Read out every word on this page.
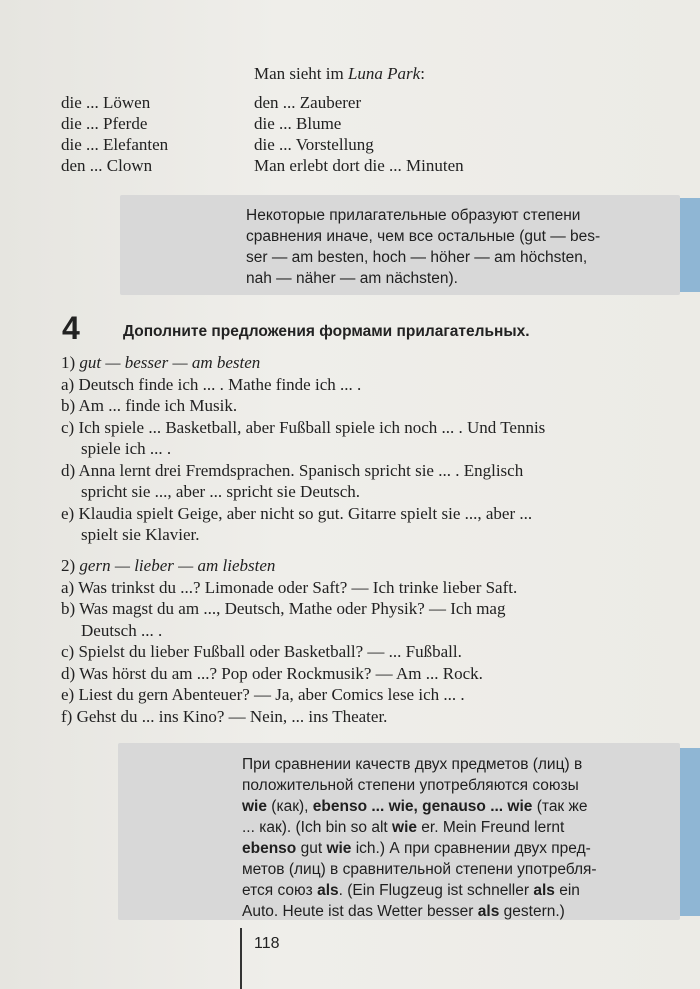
Man sieht im Luna Park:
die ... Löwen
die ... Pferde
die ... Elefanten
den ... Clown
den ... Zauberer
die ... Blume
die ... Vorstellung
Man erlebt dort die ... Minuten
Некоторые прилагательные образуют степени
сравнения иначе, чем все остальные (gut — bes-
ser — am besten, hoch — höher — am höchsten,
nah — näher — am nächsten).
4	Дополните предложения формами прилагательных.
1) gut — besser — am besten
a) Deutsch finde ich ... . Mathe finde ich ... .
b) Am ... finde ich Musik.
c) Ich spiele ... Basketball, aber Fußball spiele ich noch ... . Und Tennis
spiele ich ... .
d) Anna lernt drei Fremdsprachen. Spanisch spricht sie ... . Englisch
spricht sie ..., aber ... spricht sie Deutsch.
e) Klaudia spielt Geige, aber nicht so gut. Gitarre spielt sie ..., aber ...
spielt sie Klavier.
2) gern — lieber — am liebsten
a) Was trinkst du ...? Limonade oder Saft? — Ich trinke lieber Saft.
b) Was magst du am ..., Deutsch, Mathe oder Physik? — Ich mag
Deutsch ... .
c) Spielst du lieber Fußball oder Basketball? — ... Fußball.
d) Was hörst du am ...? Pop oder Rockmusik? — Am ... Rock.
e) Liest du gern Abenteuer? — Ja, aber Comics lese ich ... .
f) Gehst du ... ins Kino? — Nein, ... ins Theater.
При сравнении качеств двух предметов (лиц) в
положительной степени употребляются союзы
wie (как), ebenso ... wie, genauso ... wie (так же
... как). (Ich bin so alt wie er. Mein Freund lernt
ebenso gut wie ich.) А при сравнении двух пред-
метов (лиц) в сравнительной степени употребля-
ется союз als. (Ein Flugzeug ist schneller als ein
Auto. Heute ist das Wetter besser als gestern.)
118
